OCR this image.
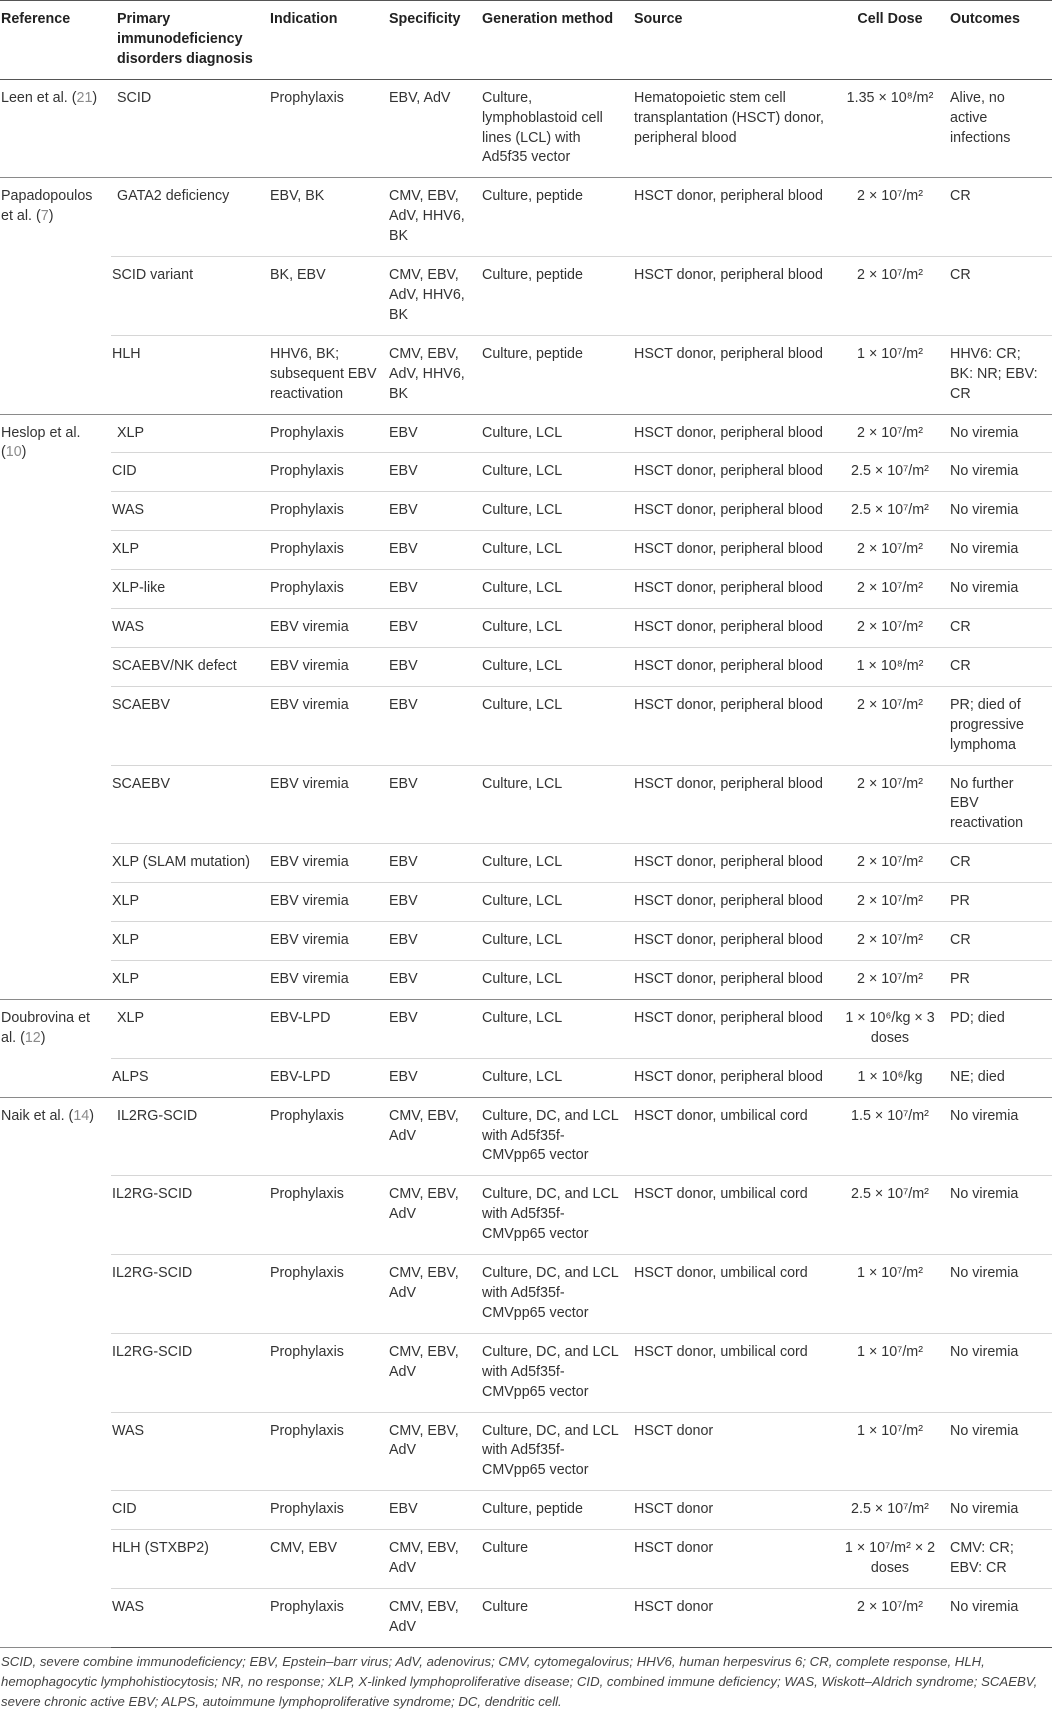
Reference	Primary immunodeficiency disorders diagnosis	Indication	Specificity	Generation method	Source	Cell Dose	Outcomes
Leen et al. (21)	SCID	Prophylaxis	EBV, AdV	Culture, lymphoblastoid cell lines (LCL) with Ad5f35 vector	Hematopoietic stem cell transplantation (HSCT) donor, peripheral blood	1.35 × 10⁸/m²	Alive, no active infections
Papadopoulos et al. (7)	GATA2 deficiency	EBV, BK	CMV, EBV, AdV, HHV6, BK	Culture, peptide	HSCT donor, peripheral blood	2 × 10⁷/m²	CR
	SCID variant	BK, EBV	CMV, EBV, AdV, HHV6, BK	Culture, peptide	HSCT donor, peripheral blood	2 × 10⁷/m²	CR
	HLH	HHV6, BK; subsequent EBV reactivation	CMV, EBV, AdV, HHV6, BK	Culture, peptide	HSCT donor, peripheral blood	1 × 10⁷/m²	HHV6: CR; BK: NR; EBV: CR
Heslop et al. (10)	XLP	Prophylaxis	EBV	Culture, LCL	HSCT donor, peripheral blood	2 × 10⁷/m²	No viremia
	CID	Prophylaxis	EBV	Culture, LCL	HSCT donor, peripheral blood	2.5 × 10⁷/m²	No viremia
	WAS	Prophylaxis	EBV	Culture, LCL	HSCT donor, peripheral blood	2.5 × 10⁷/m²	No viremia
	XLP	Prophylaxis	EBV	Culture, LCL	HSCT donor, peripheral blood	2 × 10⁷/m²	No viremia
	XLP-like	Prophylaxis	EBV	Culture, LCL	HSCT donor, peripheral blood	2 × 10⁷/m²	No viremia
	WAS	EBV viremia	EBV	Culture, LCL	HSCT donor, peripheral blood	2 × 10⁷/m²	CR
	SCAEBV/NK defect	EBV viremia	EBV	Culture, LCL	HSCT donor, peripheral blood	1 × 10⁸/m²	CR
	SCAEBV	EBV viremia	EBV	Culture, LCL	HSCT donor, peripheral blood	2 × 10⁷/m²	PR; died of progressive lymphoma
	SCAEBV	EBV viremia	EBV	Culture, LCL	HSCT donor, peripheral blood	2 × 10⁷/m²	No further EBV reactivation
	XLP (SLAM mutation)	EBV viremia	EBV	Culture, LCL	HSCT donor, peripheral blood	2 × 10⁷/m²	CR
	XLP	EBV viremia	EBV	Culture, LCL	HSCT donor, peripheral blood	2 × 10⁷/m²	PR
	XLP	EBV viremia	EBV	Culture, LCL	HSCT donor, peripheral blood	2 × 10⁷/m²	CR
	XLP	EBV viremia	EBV	Culture, LCL	HSCT donor, peripheral blood	2 × 10⁷/m²	PR
Doubrovina et al. (12)	XLP	EBV-LPD	EBV	Culture, LCL	HSCT donor, peripheral blood	1 × 10⁶/kg × 3 doses	PD; died
	ALPS	EBV-LPD	EBV	Culture, LCL	HSCT donor, peripheral blood	1 × 10⁶/kg	NE; died
Naik et al. (14)	IL2RG-SCID	Prophylaxis	CMV, EBV, AdV	Culture, DC, and LCL with Ad5f35f-CMVpp65 vector	HSCT donor, umbilical cord	1.5 × 10⁷/m²	No viremia
	IL2RG-SCID	Prophylaxis	CMV, EBV, AdV	Culture, DC, and LCL with Ad5f35f-CMVpp65 vector	HSCT donor, umbilical cord	2.5 × 10⁷/m²	No viremia
	IL2RG-SCID	Prophylaxis	CMV, EBV, AdV	Culture, DC, and LCL with Ad5f35f-CMVpp65 vector	HSCT donor, umbilical cord	1 × 10⁷/m²	No viremia
	IL2RG-SCID	Prophylaxis	CMV, EBV, AdV	Culture, DC, and LCL with Ad5f35f-CMVpp65 vector	HSCT donor, umbilical cord	1 × 10⁷/m²	No viremia
	WAS	Prophylaxis	CMV, EBV, AdV	Culture, DC, and LCL with Ad5f35f-CMVpp65 vector	HSCT donor	1 × 10⁷/m²	No viremia
	CID	Prophylaxis	EBV	Culture, peptide	HSCT donor	2.5 × 10⁷/m²	No viremia
	HLH (STXBP2)	CMV, EBV	CMV, EBV, AdV	Culture	HSCT donor	1 × 10⁷/m² × 2 doses	CMV: CR; EBV: CR
	WAS	Prophylaxis	CMV, EBV, AdV	Culture	HSCT donor	2 × 10⁷/m²	No viremia

SCID, severe combine immunodeficiency; EBV, Epstein–barr virus; AdV, adenovirus; CMV, cytomegalovirus; HHV6, human herpesvirus 6; CR, complete response, HLH, hemophagocytic lymphohistiocytosis; NR, no response; XLP, X-linked lymphoproliferative disease; CID, combined immune deficiency; WAS, Wiskott–Aldrich syndrome; SCAEBV, severe chronic active EBV; ALPS, autoimmune lymphoproliferative syndrome; DC, dendritic cell.
